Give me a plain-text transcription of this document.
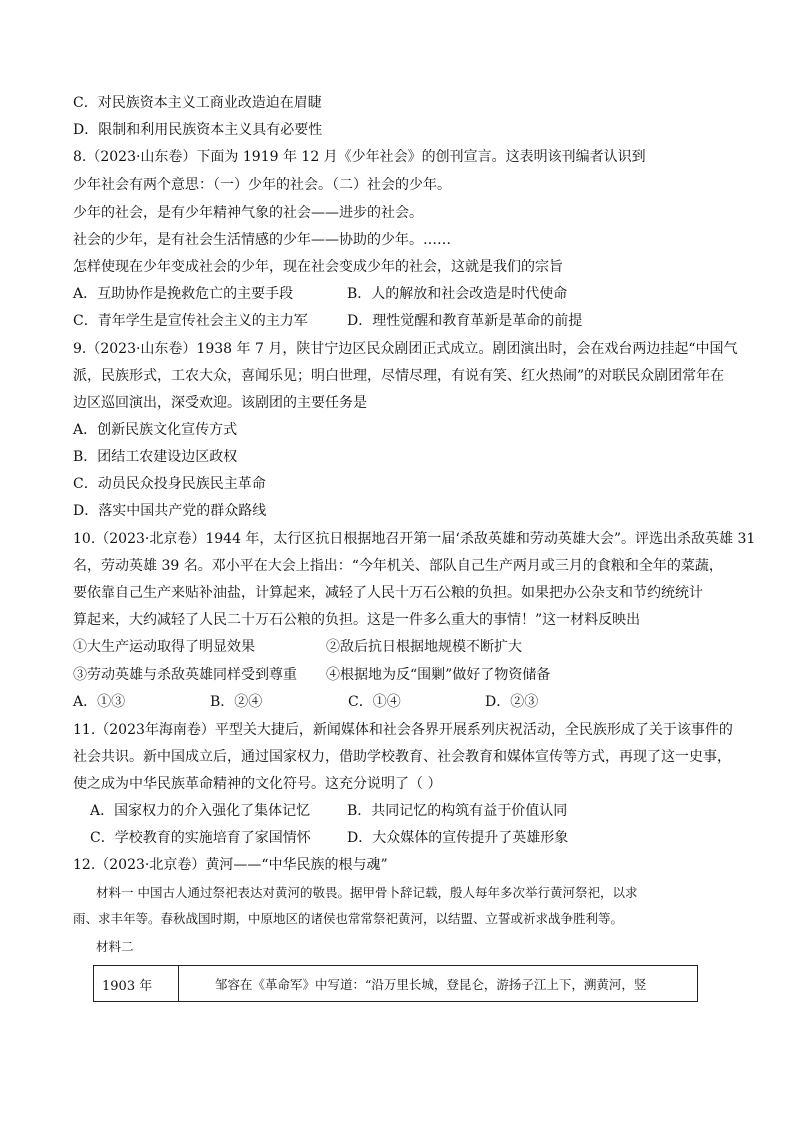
C．对民族资本主义工商业改造迫在眉睫
D．限制和利用民族资本主义具有必要性
8.（2023·山东卷）下面为 1919 年 12 月《少年社会》的创刊宣言。这表明该刊编者认识到
少年社会有两个意思：（一）少年的社会。（二）社会的少年。
少年的社会，是有少年精神气象的社会——进步的社会。
社会的少年，是有社会生活情感的少年——协助的少年。……
怎样使现在少年变成社会的少年，现在社会变成少年的社会，这就是我们的宗旨
A．互助协作是挽救危亡的主要手段	B．人的解放和社会改造是时代使命
C．青年学生是宣传社会主义的主力军	D．理性觉醒和教育革新是革命的前提
9.（2023·山东卷）1938 年 7 月，陕甘宁边区民众剧团正式成立。剧团演出时，会在戏台两边挂起“中国气
派，民族形式，工农大众，喜闻乐见；明白世理，尽情尽理，有说有笑、红火热闹”的对联民众剧团常年在
边区巡回演出，深受欢迎。该剧团的主要任务是
A．创新民族文化宣传方式
B．团结工农建设边区政权
C．动员民众投身民族民主革命
D．落实中国共产党的群众路线
10.（2023·北京卷）1944 年，太行区抗日根据地召开第一届‘杀敌英雄和劳动英雄大会”。评选出杀敌英雄 31
名，劳动英雄 39 名。邓小平在大会上指出：“今年机关、部队自己生产两月或三月的食粮和全年的菜蔬，
要依靠自己生产来贴补油盐，计算起来，减轻了人民十万石公粮的负担。如果把办公杂支和节约统统计
算起来，大约减轻了人民二十万石公粮的负担。这是一件多么重大的事情！”这一材料反映出
①大生产运动取得了明显效果	②敌后抗日根据地规模不断扩大
③劳动英雄与杀敌英雄同样受到尊重 ④根据地为反“围剿”做好了物资储备
A．①③	B．②④	C．①④	D．②③
11.（2023年海南卷）平型关大捷后，新闻媒体和社会各界开展系列庆祝活动，全民族形成了关于该事件的
社会共识。新中国成立后，通过国家权力，借助学校教育、社会教育和媒体宣传等方式，再现了这一史事，
使之成为中华民族革命精神的文化符号。这充分说明了（ ）
A．国家权力的介入强化了集体记忆	B．共同记忆的构筑有益于价值认同
C．学校教育的实施培育了家国情怀	D．大众媒体的宣传提升了英雄形象
12.（2023·北京卷）黄河——“中华民族的根与魂”
材料一 中国古人通过祭祀表达对黄河的敬畏。据甲骨卜辞记载，殷人每年多次举行黄河祭祀，以求
雨、求丰年等。春秋战国时期，中原地区的诸侯也常常祭祀黄河，以结盟、立誓或祈求战争胜利等。
材料二
1903 年	邹容在《革命军》中写道：“沿万里长城，登昆仑，游扬子江上下，溯黄河，竖
